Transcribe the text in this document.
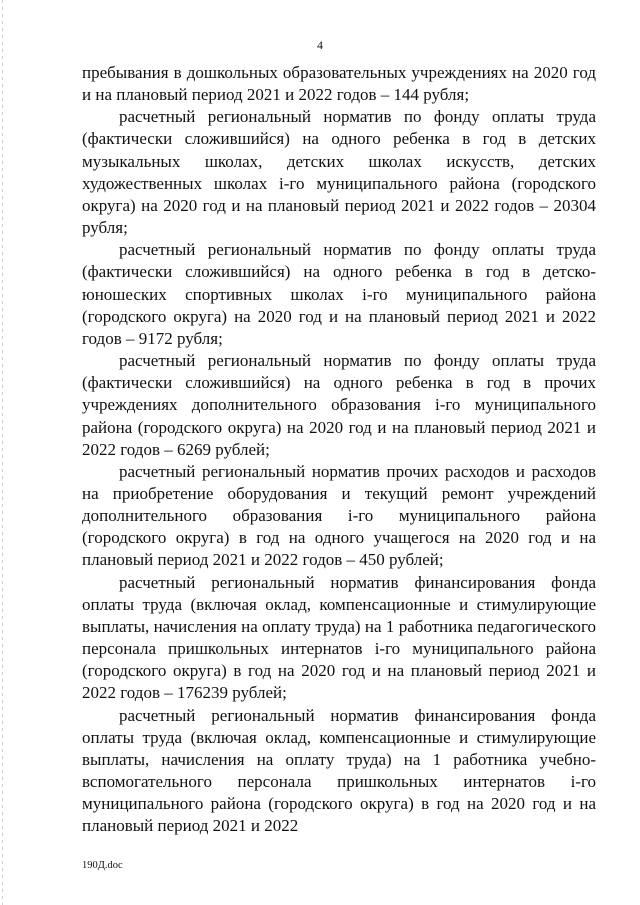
4

пребывания в дошкольных образовательных учреждениях на 2020 год и на плановый период 2021 и 2022 годов – 144 рубля;

расчетный региональный норматив по фонду оплаты труда (фактически сложившийся) на одного ребенка в год в детских музыкальных школах, детских школах искусств, детских художественных школах i-го муниципального района (городского округа) на 2020 год и на плановый период 2021 и 2022 годов – 20304 рубля;

расчетный региональный норматив по фонду оплаты труда (фактически сложившийся) на одного ребенка в год в детско-юношеских спортивных школах i-го муниципального района (городского округа) на 2020 год и на плановый период 2021 и 2022 годов – 9172 рубля;

расчетный региональный норматив по фонду оплаты труда (фактически сложившийся) на одного ребенка в год в прочих учреждениях дополнительного образования i-го муниципального района (городского округа) на 2020 год и на плановый период 2021 и 2022 годов – 6269 рублей;

расчетный региональный норматив прочих расходов и расходов на приобретение оборудования и текущий ремонт учреждений дополнительного образования i-го муниципального района (городского округа) в год на одного учащегося на 2020 год и на плановый период 2021 и 2022 годов – 450 рублей;

расчетный региональный норматив финансирования фонда оплаты труда (включая оклад, компенсационные и стимулирующие выплаты, начисления на оплату труда) на 1 работника педагогического персонала пришкольных интернатов i-го муниципального района (городского округа) в год на 2020 год и на плановый период 2021 и 2022 годов – 176239 рублей;

расчетный региональный норматив финансирования фонда оплаты труда (включая оклад, компенсационные и стимулирующие выплаты, начисления на оплату труда) на 1 работника учебно-вспомогательного персонала пришкольных интернатов i-го муниципального района (городского округа) в год на 2020 год и на плановый период 2021 и 2022

190Д.doc
